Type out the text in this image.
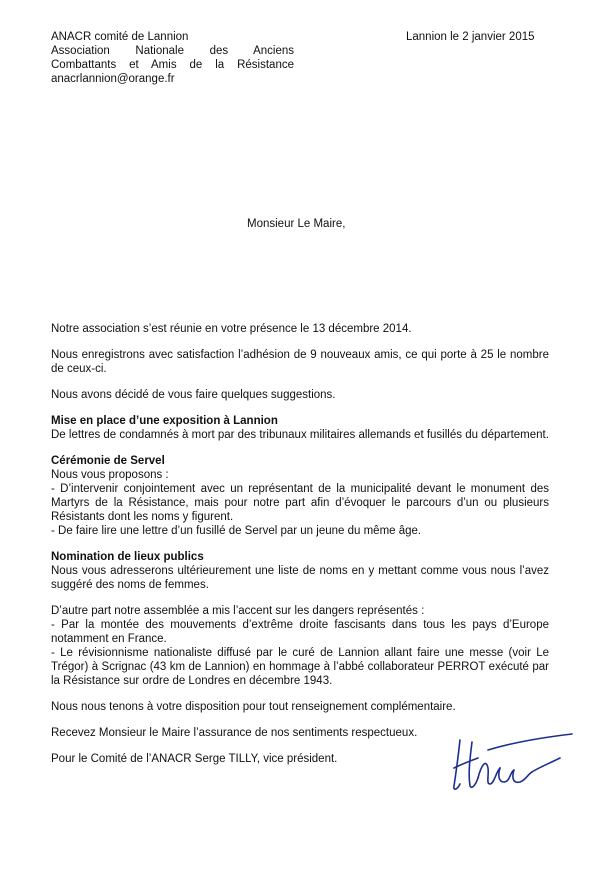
ANACR comité de Lannion
Association Nationale des Anciens
Combattants et Amis de la Résistance
anacrlannion@orange.fr
Lannion le 2 janvier 2015
Monsieur Le Maire,

Notre association s’est réunie en votre présence le 13 décembre 2014.

Nous enregistrons avec satisfaction l’adhésion de 9 nouveaux amis, ce qui porte à 25 le nombre de ceux-ci.

Nous avons décidé de vous faire quelques suggestions.

Mise en place d’une exposition à Lannion

De lettres de condamnés à mort par des tribunaux militaires allemands et fusillés du département.

Cérémonie de Servel

Nous vous proposons :

- D’intervenir conjointement avec un représentant de la municipalité devant le monument des Martyrs de la Résistance, mais pour notre part afin d’évoquer le parcours d’un ou plusieurs Résistants dont les noms y figurent.

- De faire lire une lettre d’un fusillé de Servel par un jeune du même âge.

Nomination de lieux publics

Nous vous adresserons ultérieurement une liste de noms en y mettant comme vous nous l’avez suggéré des noms de femmes.

D’autre part notre assemblée a mis l’accent sur les dangers représentés :

- Par la montée des mouvements d’extrême droite fascisants dans tous les pays d’Europe notamment en France.

- Le révisionnisme nationaliste diffusé par le curé de Lannion allant faire une messe (voir Le Trégor) à Scrignac (43 km de Lannion) en hommage à l’abbé collaborateur PERROT exécuté par la Résistance sur ordre de Londres en décembre 1943.

Nous nous tenons à votre disposition pour tout renseignement complémentaire.

Recevez Monsieur le Maire l’assurance de nos sentiments respectueux.

Pour le Comité de l’ANACR Serge TILLY, vice président.
